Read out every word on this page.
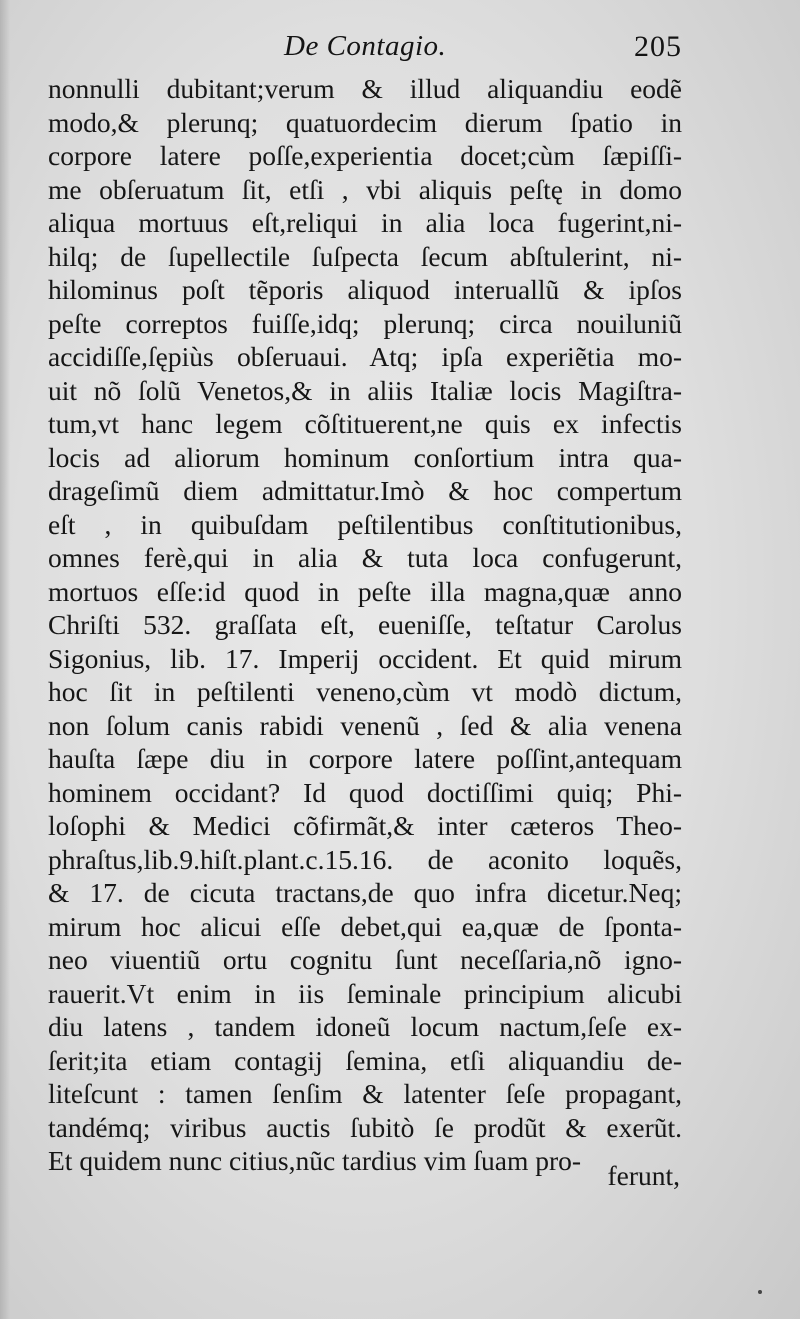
De Contagio.	205
nonnulli dubitant;verum & illud aliquandiu eodẽ
modo,& plerunq; quatuordecim dierum ſpatio in
corpore latere poſſe,experientia docet;cùm ſæpiſſi-
me obſeruatum ſit, etſi , vbi aliquis peſtę in domo
aliqua mortuus eſt,reliqui in alia loca fugerint,ni-
hilq; de ſupellectile ſuſpecta ſecum abſtulerint, ni-
hilominus poſt tẽporis aliquod interuallũ & ipſos
peſte correptos fuiſſe,idq; plerunq; circa nouiluniũ
accidiſſe,ſępiùs obſeruaui. Atq; ipſa experiẽtia mo-
uit nõ ſolũ Venetos,& in aliis Italiæ locis Magiſtra-
tum,vt hanc legem cõſtituerent,ne quis ex infectis
locis ad aliorum hominum conſortium intra qua-
drageſimũ diem admittatur.Imò & hoc compertum
eſt , in quibuſdam peſtilentibus conſtitutionibus,
omnes ferè,qui in alia & tuta loca confugerunt,
mortuos eſſe:id quod in peſte illa magna,quæ anno
Chriſti 532. graſſata eſt, eueniſſe, teſtatur Carolus
Sigonius, lib. 17. Imperij occident. Et quid mirum
hoc ſit in peſtilenti veneno,cùm vt modò dictum,
non ſolum canis rabidi venenũ , ſed & alia venena
hauſta ſæpe diu in corpore latere poſſint,antequam
hominem occidant? Id quod doctiſſimi quiq; Phi-
loſophi & Medici cõfirmãt,& inter cæteros Theo-
phraſtus,lib.9.hiſt.plant.c.15.16. de aconito loquẽs,
& 17. de cicuta tractans,de quo infra dicetur.Neq;
mirum hoc alicui eſſe debet,qui ea,quæ de ſponta-
neo viuentiũ ortu cognitu ſunt neceſſaria,nõ igno-
rauerit.Vt enim in iis ſeminale principium alicubi
diu latens , tandem idoneũ locum nactum,ſeſe ex-
ſerit;ita etiam contagij ſemina, etſi aliquandiu de-
liteſcunt : tamen ſenſim & latenter ſeſe propagant,
tandémq; viribus auctis ſubitò ſe prodũt & exerũt.
Et quidem nunc citius,nũc tardius vim ſuam pro- ferunt,
